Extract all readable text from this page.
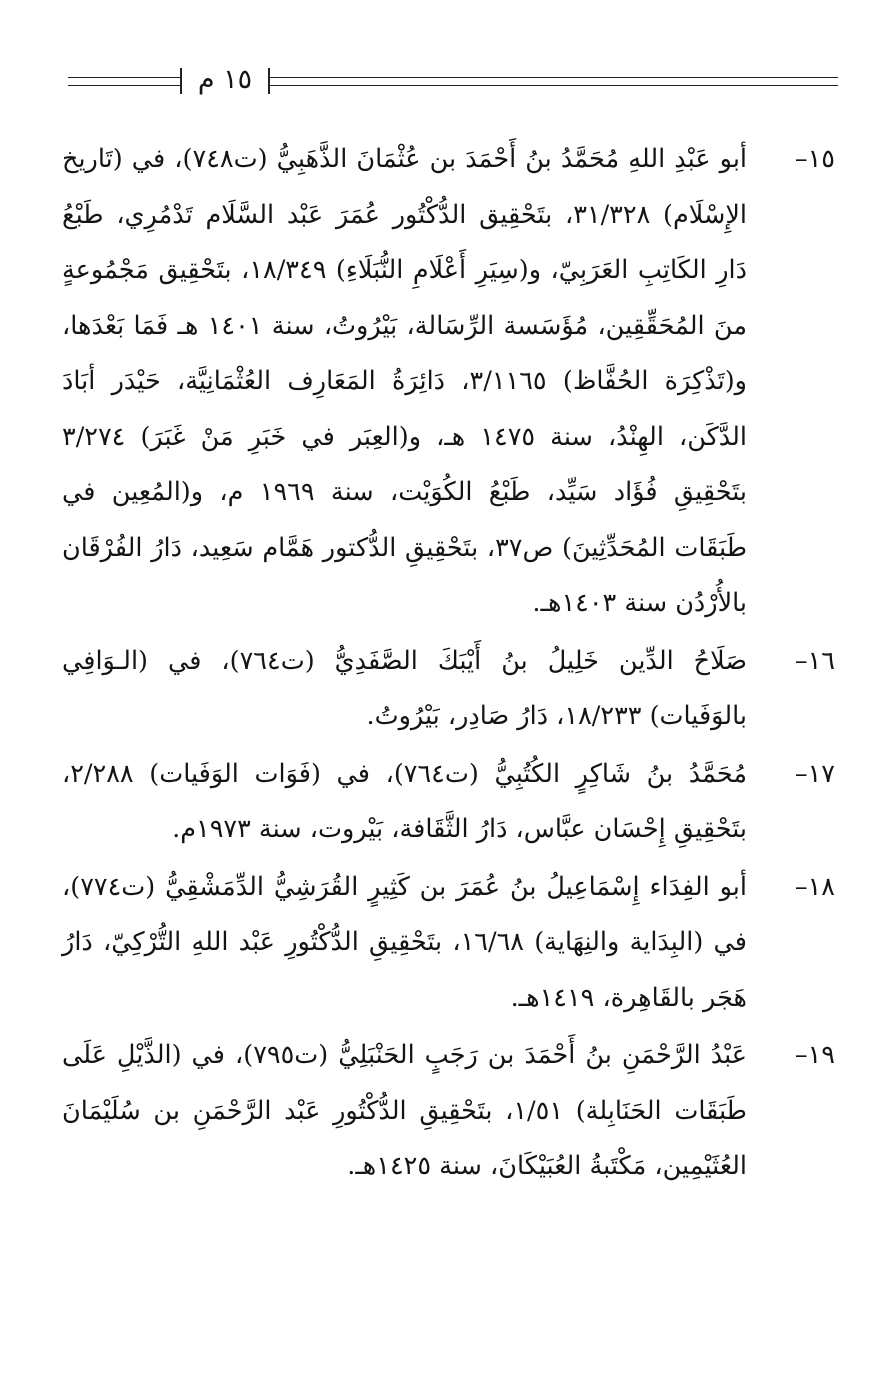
١٥ م
١٥–
أبو عَبْدِ اللهِ مُحَمَّدُ بنُ أَحْمَدَ بن عُثْمَانَ الذَّهَبِيُّ (ت٧٤٨)، في (تَاريخ الإِسْلَام) ٣١/٣٢٨، بتَحْقِيق الدُّكْتُور عُمَرَ عَبْد السَّلَام تَدْمُرِي، طَبْعُ دَارِ الكَاتِبِ العَرَبِيّ، و(سِيَرِ أَعْلَامِ النُّبَلَاءِ) ١٨/٣٤٩، بتَحْقِيق مَجْمُوعةٍ منَ المُحَقِّقِين، مُؤَسَسة الرِّسَالة، بَيْرُوتُ، سنة ١٤٠١ هـ فَمَا بَعْدَها، و(تَذْكِرَة الحُفَّاظ) ٣/١١٦٥، دَائِرَةُ المَعَارِف العُثْمَانِيَّة، حَيْدَر أبَادَ الدَّكَن، الهِنْدُ، سنة ١٤٧٥ هـ، و(العِبَر في خَبَرِ مَنْ غَبَرَ) ٣/٢٧٤ بتَحْقِيقِ فُؤَاد سَيِّد، طَبْعُ الكُوَيْت، سنة ١٩٦٩ م، و(المُعِين في طَبَقَات المُحَدِّثِينَ) ص٣٧، بتَحْقِيقِ الدُّكتور هَمَّام سَعِيد، دَارُ الفُرْقَان بالأُرْدُن سنة ١٤٠٣هـ.
١٦–
صَلَاحُ الدِّين خَلِيلُ بنُ أَيْبَكَ الصَّفَدِيُّ (ت٧٦٤)، في (الـوَافِي بالوَفَيات) ١٨/٢٣٣، دَارُ صَادِر، بَيْرُوتُ.
١٧–
مُحَمَّدُ بنُ شَاكِرٍ الكُتُبِيُّ (ت٧٦٤)، في (فَوَات الوَفَيات) ٢/٢٨٨، بتَحْقِيقِ إِحْسَان عبَّاس، دَارُ الثَّقَافة، بَيْروت، سنة ١٩٧٣م.
١٨–
أبو الفِدَاء إِسْمَاعِيلُ بنُ عُمَرَ بن كَثِيرٍ القُرَشِيُّ الدِّمَشْقِيُّ (ت٧٧٤)، في (البِدَاية والنِهَاية) ١٦/٦٨، بتَحْقِيقِ الدُّكْتُورِ عَبْد اللهِ التُّرْكِيّ، دَارُ هَجَر بالقَاهِرة، ١٤١٩هـ.
١٩–
عَبْدُ الرَّحْمَنِ بنُ أَحْمَدَ بن رَجَبٍ الحَنْبَلِيُّ (ت٧٩٥)، في (الذَّيْلِ عَلَى طَبَقَات الحَنَابِلة) ١/٥١، بتَحْقِيقِ الدُّكْتُورِ عَبْد الرَّحْمَنِ بن سُلَيْمَانَ العُثَيْمِين، مَكْتَبةُ العُبَيْكَانَ، سنة ١٤٢٥هـ.
